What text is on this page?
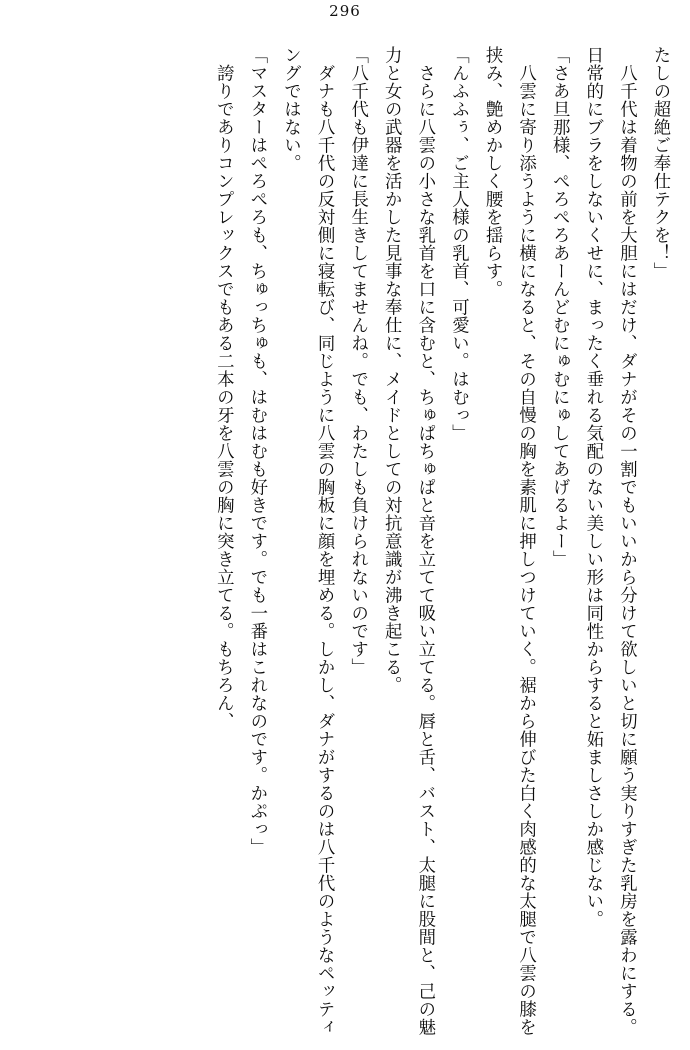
296

たしの超絶ご奉仕テクを！」

　八千代は着物の前を大胆にはだけ、ダナがその一割でもいいから分けて欲しいと切に願う実りすぎた乳房を露わにする。日常的にブラをしないくせに、まったく垂れる気配のない美しい形は同性からすると妬ましさしか感じない。

「さあ旦那様、ぺろぺろあーんどむにゅむにゅしてあげるよー」

　八雲に寄り添うように横になると、その自慢の胸を素肌に押しつけていく。裾から伸びた白く肉感的な太腿で八雲の膝を挟み、艶めかしく腰を揺らす。

「んふふぅ、ご主人様の乳首、可愛い。はむっ」

　さらに八雲の小さな乳首を口に含むと、ちゅぱちゅぱと音を立てて吸い立てる。唇と舌、バスト、太腿に股間と、己の魅力と女の武器を活かした見事な奉仕に、メイドとしての対抗意識が沸き起こる。

「八千代も伊達に長生きしてませんね。でも、わたしも負けられないのです」

　ダナも八千代の反対側に寝転び、同じように八雲の胸板に顔を埋める。しかし、ダナがするのは八千代のようなペッティングではない。

「マスターはぺろぺろも、ちゅっちゅも、はむはむも好きです。でも一番はこれなのです。かぷっ」

　誇りでありコンプレックスでもある二本の牙を八雲の胸に突き立てる。もちろん、
